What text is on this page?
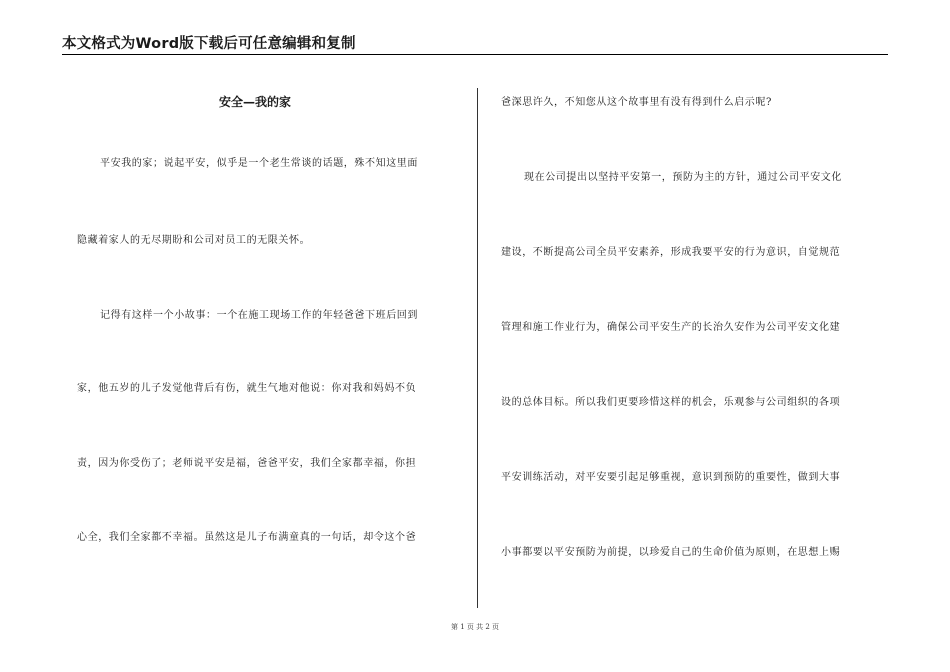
本文格式为Word版下载后可任意编辑和复制
安全—我的家
平安我的家；说起平安，似乎是一个老生常谈的话题，殊不知这里面
隐藏着家人的无尽期盼和公司对员工的无限关怀。
记得有这样一个小故事：一个在施工现场工作的年轻爸爸下班后回到
家，他五岁的儿子发觉他背后有伤，就生气地对他说：你对我和妈妈不负
责，因为你受伤了；老师说平安是福，爸爸平安，我们全家都幸福，你担
心全，我们全家都不幸福。虽然这是儿子布满童真的一句话，却令这个爸
爸深思许久，不知您从这个故事里有没有得到什么启示呢?
现在公司提出以坚持平安第一，预防为主的方针，通过公司平安文化
建设，不断提高公司全员平安素养，形成我要平安的行为意识，自觉规范
管理和施工作业行为，确保公司平安生产的长治久安作为公司平安文化建
设的总体目标。所以我们更要珍惜这样的机会，乐观参与公司组织的各项
平安训练活动，对平安要引起足够重视，意识到预防的重要性，做到大事
小事都要以平安预防为前提，以珍爱自己的生命价值为原则，在思想上赐
第 1 页 共 2 页
